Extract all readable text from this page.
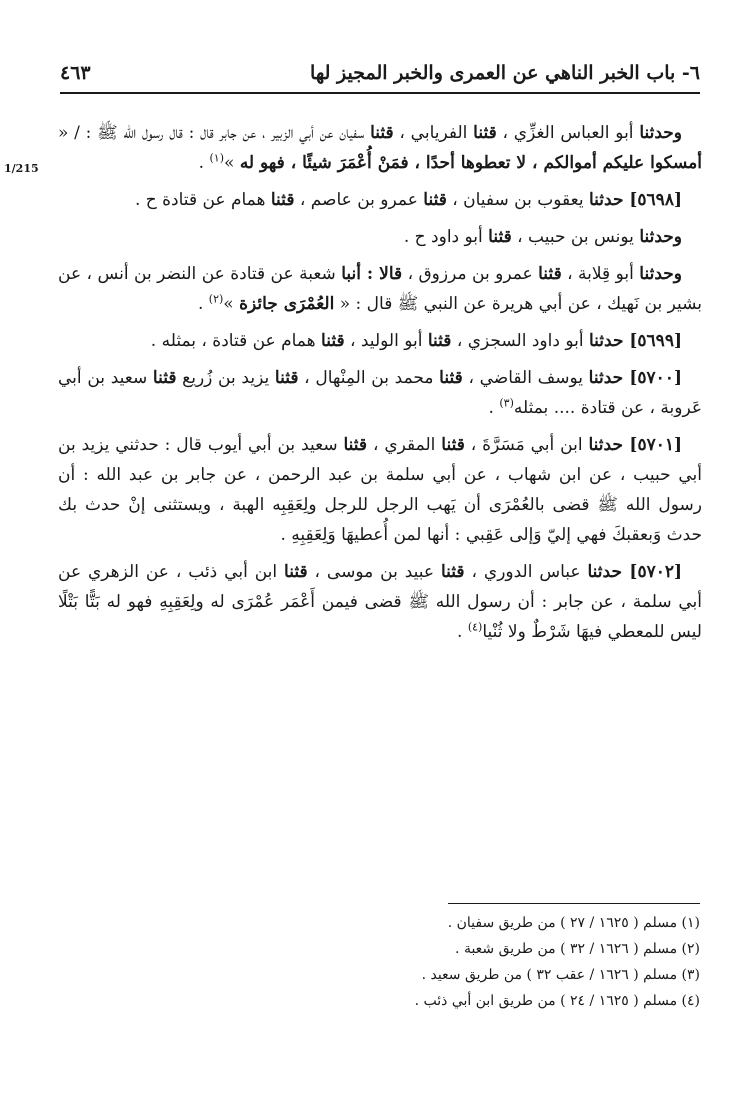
٦- باب الخبر الناهي عن العمرى والخبر المجيز لها
٤٦٣
1/215

وحدثنا أبو العباس الغزِّي ، قثنا الفريابي ، قثنا سفيان عن أبي الزبير ، عن جابر قال : قال رسول الله ﷺ : / « أمسكوا عليكم أموالكم ، لا تعطوها أحدًا ، فمَنْ أُعْمَرَ شيئًا ، فهو له »$^{(١)}$ .

[٥٦٩٨] حدثنا يعقوب بن سفيان ، قثنا عمرو بن عاصم ، قثنا همام عن قتادة ح .

وحدثنا يونس بن حبيب ، قثنا أبو داود ح .

وحدثنا أبو قِلابة ، قثنا عمرو بن مرزوق ، قالا : أنبا شعبة عن قتادة عن النضر بن أنس ، عن بشير بن نَهيك ، عن أبي هريرة عن النبي ﷺ قال : « العُمْرَى جائزة »$^{(٢)}$ .

[٥٦٩٩] حدثنا أبو داود السجزي ، قثنا أبو الوليد ، قثنا همام عن قتادة ، بمثله .

[٥٧٠٠] حدثنا يوسف القاضي ، قثنا محمد بن المِنْهال ، قثنا يزيد بن زُريع قثنا سعيد بن أبي عَروبة ، عن قتادة .... بمثله$^{(٣)}$ .

[٥٧٠١] حدثنا ابن أبي مَسَرَّةَ ، قثنا المقري ، قثنا سعيد بن أبي أيوب قال : حدثني يزيد بن أبي حبيب ، عن ابن شهاب ، عن أبي سلمة بن عبد الرحمن ، عن جابر بن عبد الله : أن رسول الله ﷺ قضى بالعُمْرَى أن يَهب الرجل للرجل ولِعَقِبِه الهبة ، ويستثنى إنْ حدث بك حدث وَبعقبكَ فهي إليّ وَإلى عَقِبي : أنها لمن أُعطيهَا وَلِعَقِبِهِ .

[٥٧٠٢] حدثنا عباس الدوري ، قثنا عبيد بن موسى ، قثنا ابن أبي ذئب ، عن الزهري عن أبي سلمة ، عن جابر : أن رسول الله ﷺ قضى فيمن أَعْمَر عُمْرَى له ولِعَقِبِهِ فهو له بَتًّا بَتْلًا ليس للمعطي فيهَا شَرْطٌ ولا ثُنْيا$^{(٤)}$ .

(١) مسلم ( ١٦٢٥ / ٢٧ ) من طريق سفيان .

(٢) مسلم ( ١٦٢٦ / ٣٢ ) من طريق شعبة .

(٣) مسلم ( ١٦٢٦ / عقب ٣٢ ) من طريق سعيد .

(٤) مسلم ( ١٦٢٥ / ٢٤ ) من طريق ابن أبي ذئب .
